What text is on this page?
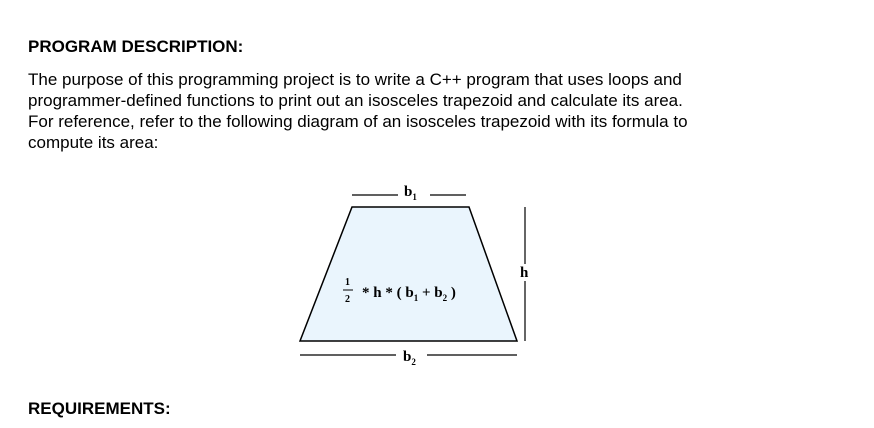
PROGRAM DESCRIPTION:

The purpose of this programming project is to write a C++ program that uses loops and
programmer-defined functions to print out an isosceles trapezoid and calculate its area.
For reference, refer to the following diagram of an isosceles trapezoid with its formula to
compute its area:

$b_1$
$b_2$
h
1
2 * h * ( $b_1 + b_2$ )
REQUIREMENTS:
